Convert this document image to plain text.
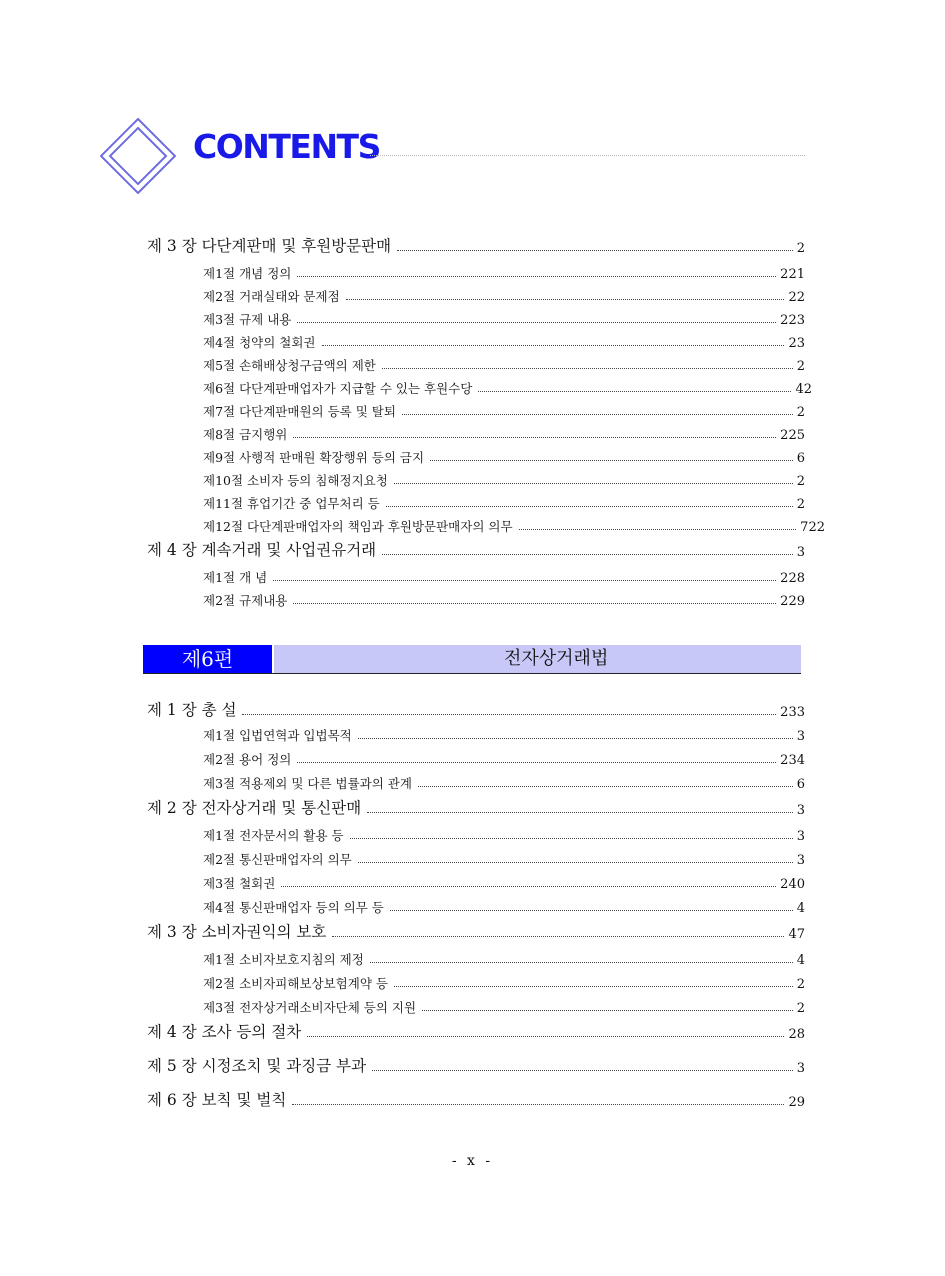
CONTENTS
제 3 장 다단계판매 및 후원방문판매	2
제1절 개념 정의	221
제2절 거래실태와 문제점	22
제3절 규제 내용	223
제4절 청약의 철회권	23
제5절 손해배상청구금액의 제한	2
제6절 다단계판매업자가 지급할 수 있는 후원수당	42
제7절 다단계판매원의 등록 및 탈퇴	2
제8절 금지행위	225
제9절 사행적 판매원 확장행위 등의 금지	6
제10절 소비자 등의 침해정지요청	2
제11절 휴업기간 중 업무처리 등	2
제12절 다단계판매업자의 책임과 후원방문판매자의 의무	722
제 4 장 계속거래 및 사업권유거래	3
제1절 개 념	228
제2절 규제내용	229
제6편	전자상거래법
제 1 장 총 설	233
제1절 입법연혁과 입법목적	3
제2절 용어 정의	234
제3절 적용제외 및 다른 법률과의 관계	6
제 2 장 전자상거래 및 통신판매	3
제1절 전자문서의 활용 등	3
제2절 통신판매업자의 의무	3
제3절 철회권	240
제4절 통신판매업자 등의 의무 등	4
제 3 장 소비자권익의 보호	47
제1절 소비자보호지침의 제정	4
제2절 소비자피해보상보험계약 등	2
제3절 전자상거래소비자단체 등의 지원	2
제 4 장 조사 등의 절차	28
제 5 장 시정조치 및 과징금 부과	3
제 6 장 보칙 및 벌칙	29
- x -
